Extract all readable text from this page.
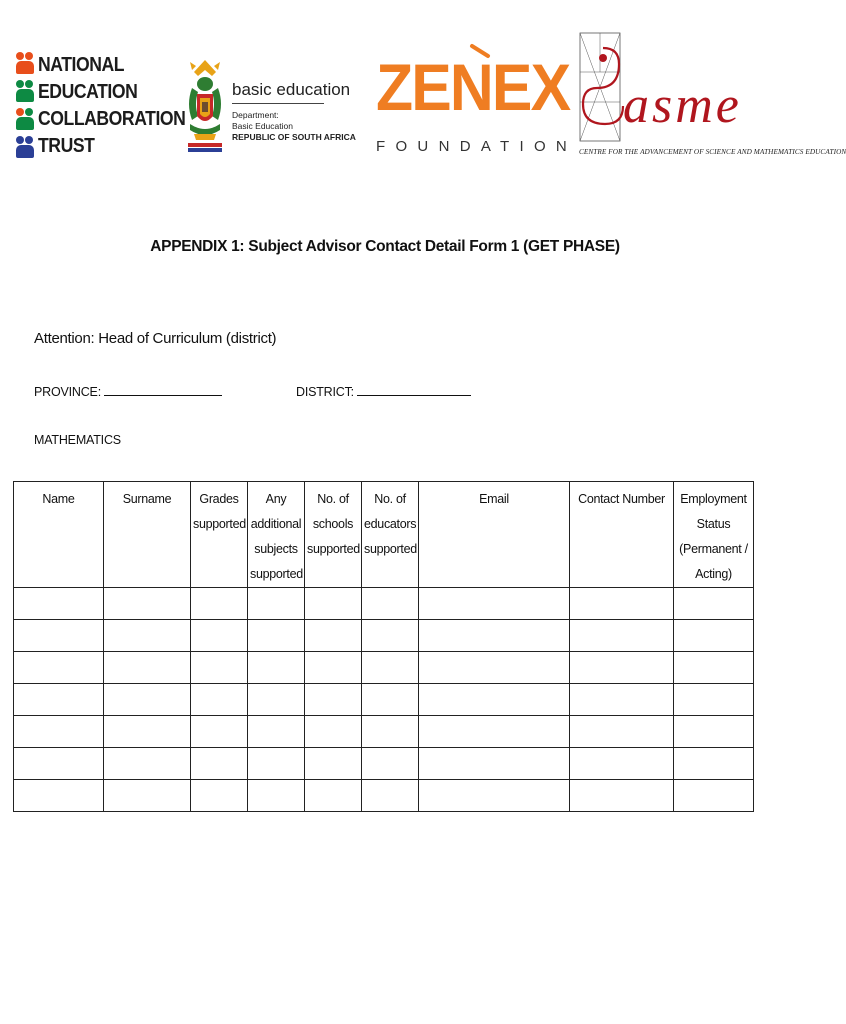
NATIONAL
EDUCATION
COLLABORATION
TRUST
basic education
Department:
Basic Education
REPUBLIC OF SOUTH AFRICA
ZENEX
FOUNDATION
asme
CENTRE FOR THE ADVANCEMENT OF SCIENCE AND MATHEMATICS EDUCATION
APPENDIX 1: Subject Advisor Contact Detail Form 1 (GET PHASE)
Attention: Head of Curriculum (district)
PROVINCE:	DISTRICT:
MATHEMATICS
Name	Surname	Grades supported	Any additional subjects supported	No. of schools supported	No. of educators supported	Email	Contact Number	Employment Status (Permanent / Acting)
